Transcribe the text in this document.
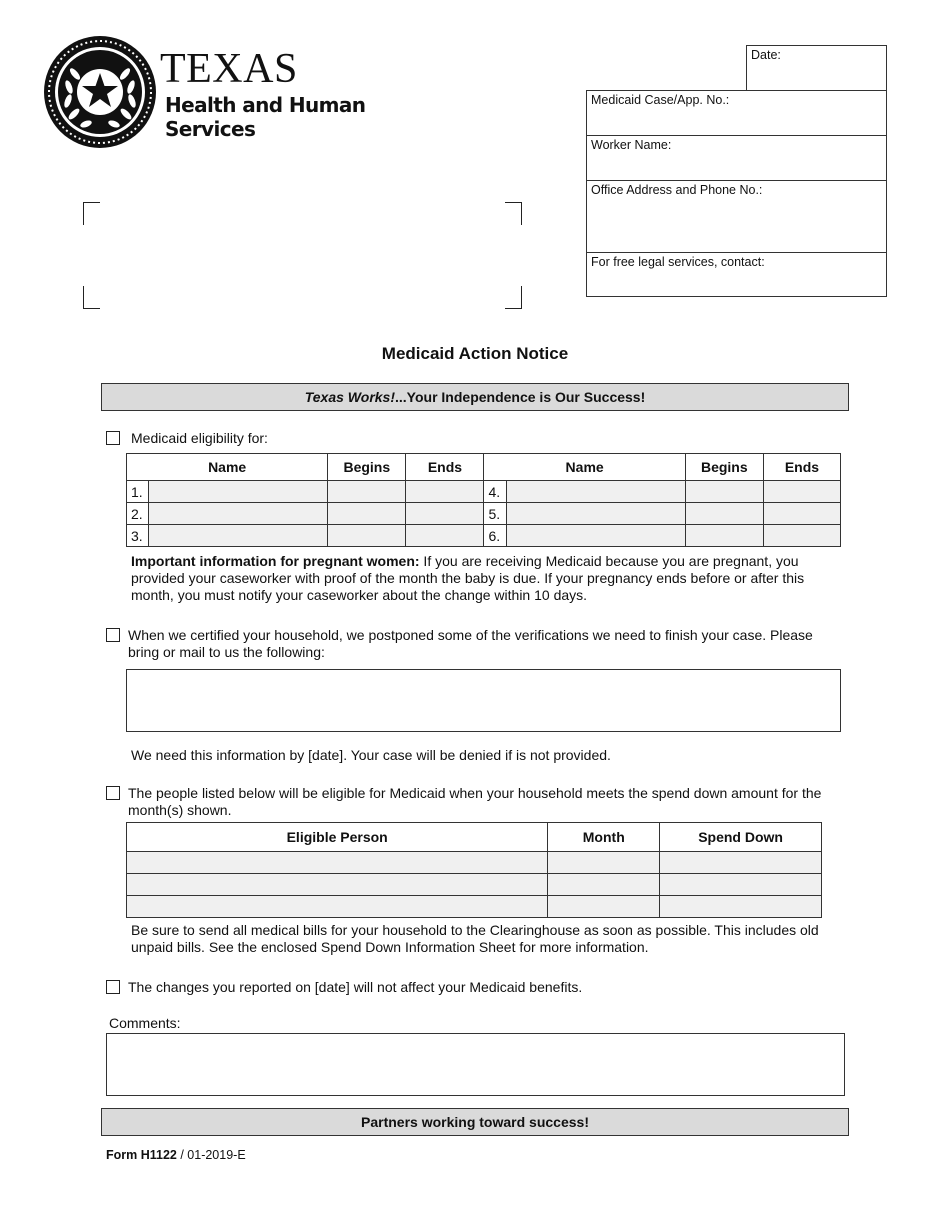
TEXAS
Health and Human
Services
Date:
Medicaid Case/App. No.:
Worker Name:
Office Address and Phone No.:
For free legal services, contact:
Medicaid Action Notice
Texas Works!...Your Independence is Our Success!
Medicaid eligibility for:
Name		Begins	Ends	Name		Begins	Ends
1.				4.			
2.				5.			
3.				6.			
Important information for pregnant women: If you are receiving Medicaid because you are pregnant, you
provided your caseworker with proof of the month the baby is due. If your pregnancy ends before or after this
month, you must notify your caseworker about the change within 10 days.
When we certified your household, we postponed some of the verifications we need to finish your case. Please
bring or mail to us the following:
We need this information by [date]. Your case will be denied if is not provided.
The people listed below will be eligible for Medicaid when your household meets the spend down amount for the
month(s) shown.
Eligible Person	Month	Spend Down

Be sure to send all medical bills for your household to the Clearinghouse as soon as possible. This includes old
unpaid bills. See the enclosed Spend Down Information Sheet for more information.
The changes you reported on [date] will not affect your Medicaid benefits.
Comments:
Partners working toward success!
Form H1122 / 01-2019-E
